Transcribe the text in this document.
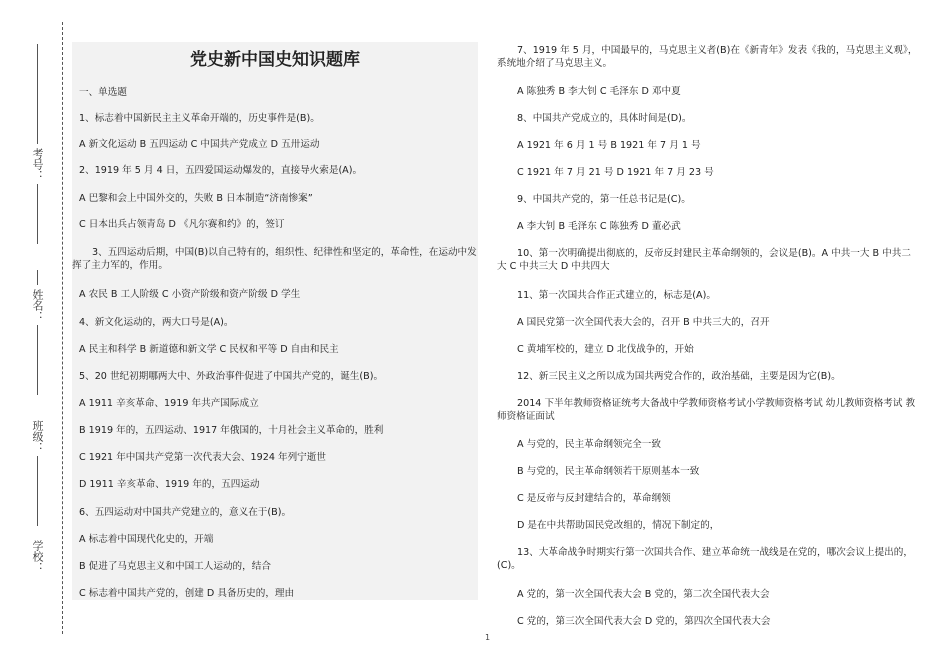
考号：
姓名：
班级：
学校：
党史新中国史知识题库
一、单选题
1、标志着中国新民主主义革命开端的，历史事件是(B)。
A 新文化运动 B 五四运动 C 中国共产党成立 D 五卅运动
2、1919 年 5 月 4 日，五四爱国运动爆发的，直接导火索是(A)。
A 巴黎和会上中国外交的，失败 B 日本制造“济南惨案”
C 日本出兵占领青岛 D 《凡尔赛和约》的，签订
3、五四运动后期，中国(B)以自己特有的，组织性、纪律性和坚定的，革命性，在运动中发挥了主力军的，作用。
A 农民 B 工人阶级 C 小资产阶级和资产阶级 D 学生
4、新文化运动的，两大口号是(A)。
A 民主和科学 B 新道德和新文学 C 民权和平等 D 自由和民主
5、20 世纪初期哪两大中、外政治事件促进了中国共产党的，诞生(B)。
A 1911 辛亥革命、1919 年共产国际成立
B 1919 年的，五四运动、1917 年俄国的，十月社会主义革命的，胜利
C 1921 年中国共产党第一次代表大会、1924 年列宁逝世
D 1911 辛亥革命、1919 年的，五四运动
6、五四运动对中国共产党建立的，意义在于(B)。
A 标志着中国现代化史的，开端
B 促进了马克思主义和中国工人运动的，结合
C 标志着中国共产党的，创建 D 具备历史的，理由
7、1919 年 5 月，中国最早的，马克思主义者(B)在《新青年》发表《我的，马克思主义观》，系统地介绍了马克思主义。
A 陈独秀 B 李大钊 C 毛泽东 D 邓中夏
8、中国共产党成立的，具体时间是(D)。
A 1921 年 6 月 1 号 B 1921 年 7 月 1 号
C 1921 年 7 月 21 号 D 1921 年 7 月 23 号
9、中国共产党的，第一任总书记是(C)。
A 李大钊 B 毛泽东 C 陈独秀 D 董必武
10、第一次明确提出彻底的，反帝反封建民主革命纲领的，会议是(B)。A 中共一大 B 中共二大 C 中共三大 D 中共四大
11、第一次国共合作正式建立的，标志是(A)。
A 国民党第一次全国代表大会的，召开 B 中共三大的，召开
C 黄埔军校的，建立 D 北伐战争的，开始
12、新三民主义之所以成为国共两党合作的，政治基础，主要是因为它(B)。
2014 下半年教师资格证统考大备战中学教师资格考试小学教师资格考试 幼儿教师资格考试 教师资格证面试
A 与党的，民主革命纲领完全一致
B 与党的，民主革命纲领若干原则基本一致
C 是反帝与反封建结合的，革命纲领
D 是在中共帮助国民党改组的，情况下制定的，
13、大革命战争时期实行第一次国共合作、建立革命统一战线是在党的，哪次会议上提出的，(C)。
A 党的，第一次全国代表大会 B 党的，第二次全国代表大会
C 党的，第三次全国代表大会 D 党的，第四次全国代表大会
1
